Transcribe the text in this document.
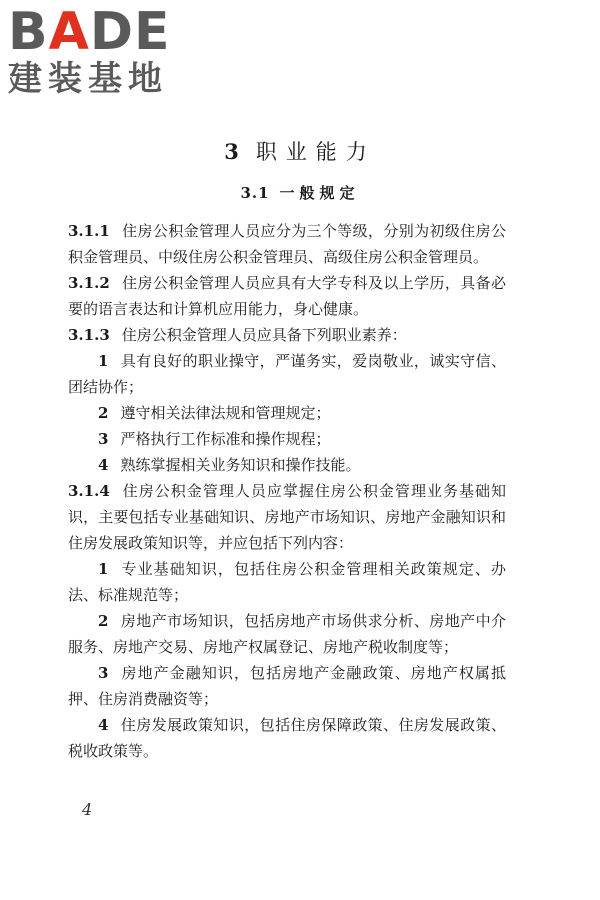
BADE
建装基地
3 职业能力
3.1 一般规定

3.1.1 住房公积金管理人员应分为三个等级，分别为初级住房公积金管理员、中级住房公积金管理员、高级住房公积金管理员。

3.1.2 住房公积金管理人员应具有大学专科及以上学历，具备必要的语言表达和计算机应用能力，身心健康。

3.1.3 住房公积金管理人员应具备下列职业素养：

1 具有良好的职业操守，严谨务实，爱岗敬业，诚实守信、团结协作；

2 遵守相关法律法规和管理规定；

3 严格执行工作标准和操作规程；

4 熟练掌握相关业务知识和操作技能。

3.1.4 住房公积金管理人员应掌握住房公积金管理业务基础知识，主要包括专业基础知识、房地产市场知识、房地产金融知识和住房发展政策知识等，并应包括下列内容：

1 专业基础知识，包括住房公积金管理相关政策规定、办法、标准规范等；

2 房地产市场知识，包括房地产市场供求分析、房地产中介服务、房地产交易、房地产权属登记、房地产税收制度等；

3 房地产金融知识，包括房地产金融政策、房地产权属抵押、住房消费融资等；

4 住房发展政策知识，包括住房保障政策、住房发展政策、税收政策等。

4
